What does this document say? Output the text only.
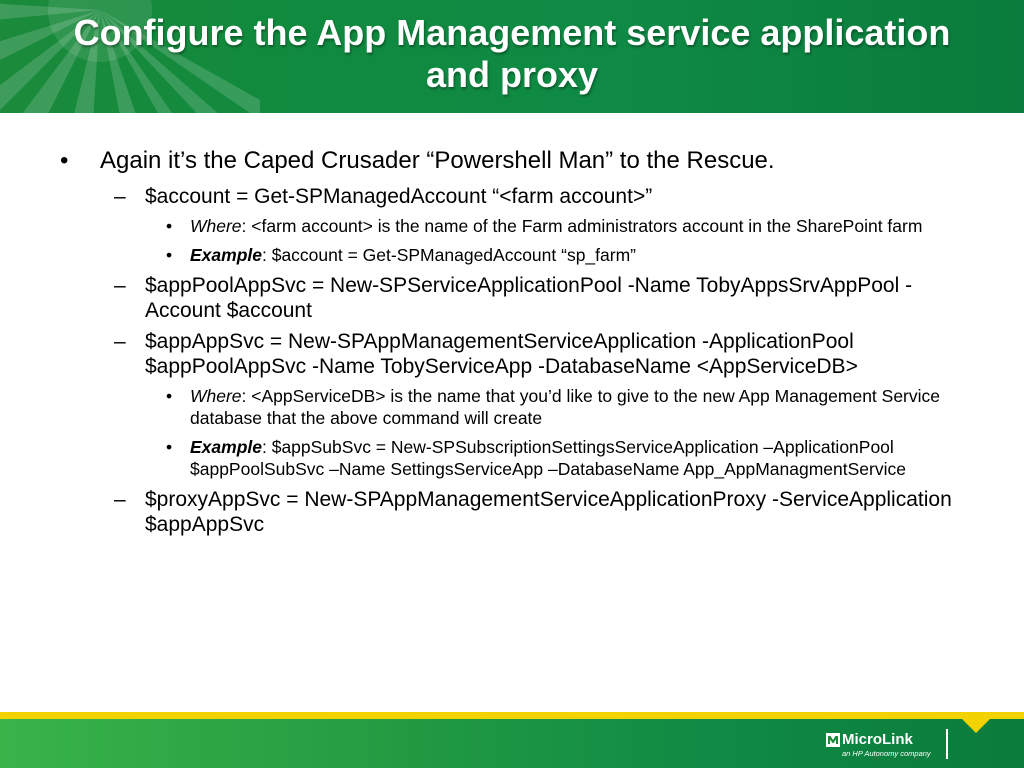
Configure the App Management service application and proxy
• Again it’s the Caped Crusader “Powershell Man” to the Rescue.
– $account = Get-SPManagedAccount “<farm account>”
• Where: <farm account> is the name of the Farm administrators account in the SharePoint farm
• Example: $account = Get-SPManagedAccount “sp_farm”
– $appPoolAppSvc = New-SPServiceApplicationPool -Name TobyAppsSrvAppPool -Account $account
– $appAppSvc = New-SPAppManagementServiceApplication -ApplicationPool $appPoolAppSvc -Name TobyServiceApp -DatabaseName <AppServiceDB>
• Where: <AppServiceDB> is the name that you’d like to give to the new App Management Service database that the above command will create
• Example: $appSubSvc = New-SPSubscriptionSettingsServiceApplication –ApplicationPool $appPoolSubSvc –Name SettingsServiceApp –DatabaseName App_AppManagmentService
– $proxyAppSvc = New-SPAppManagementServiceApplicationProxy -ServiceApplication $appAppSvc
MicroLink
an HP Autonomy company
